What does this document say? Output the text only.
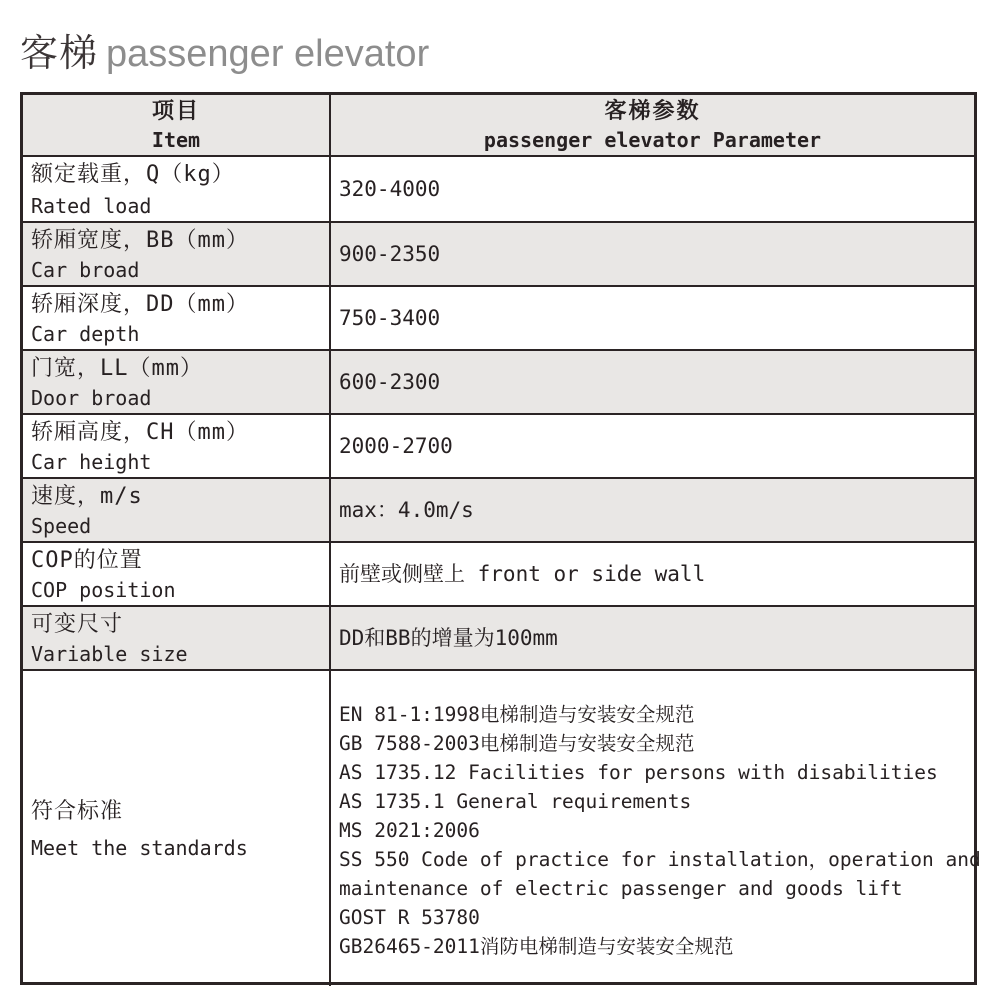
客梯 passenger elevator
项目
Item
客梯参数
passenger elevator Parameter
额定载重，Q（kg）
Rated load
320-4000
轿厢宽度，BB（mm）
Car broad
900-2350
轿厢深度，DD（mm）
Car depth
750-3400
门宽，LL（mm）
Door broad
600-2300
轿厢高度，CH（mm）
Car height
2000-2700
速度，m/s
Speed
max：4.0m/s
COP的位置
COP position
前壁或侧壁上 front or side wall
可变尺寸
Variable size
DD和BB的增量为100mm
符合标准
Meet the standards
EN 81-1:1998电梯制造与安装安全规范
GB 7588-2003电梯制造与安装安全规范
AS 1735.12 Facilities for persons with disabilities
AS 1735.1 General requirements
MS 2021:2006
SS 550 Code of practice for installation，operation and
maintenance of electric passenger and goods lift
GOST R 53780
GB26465-2011消防电梯制造与安装安全规范
